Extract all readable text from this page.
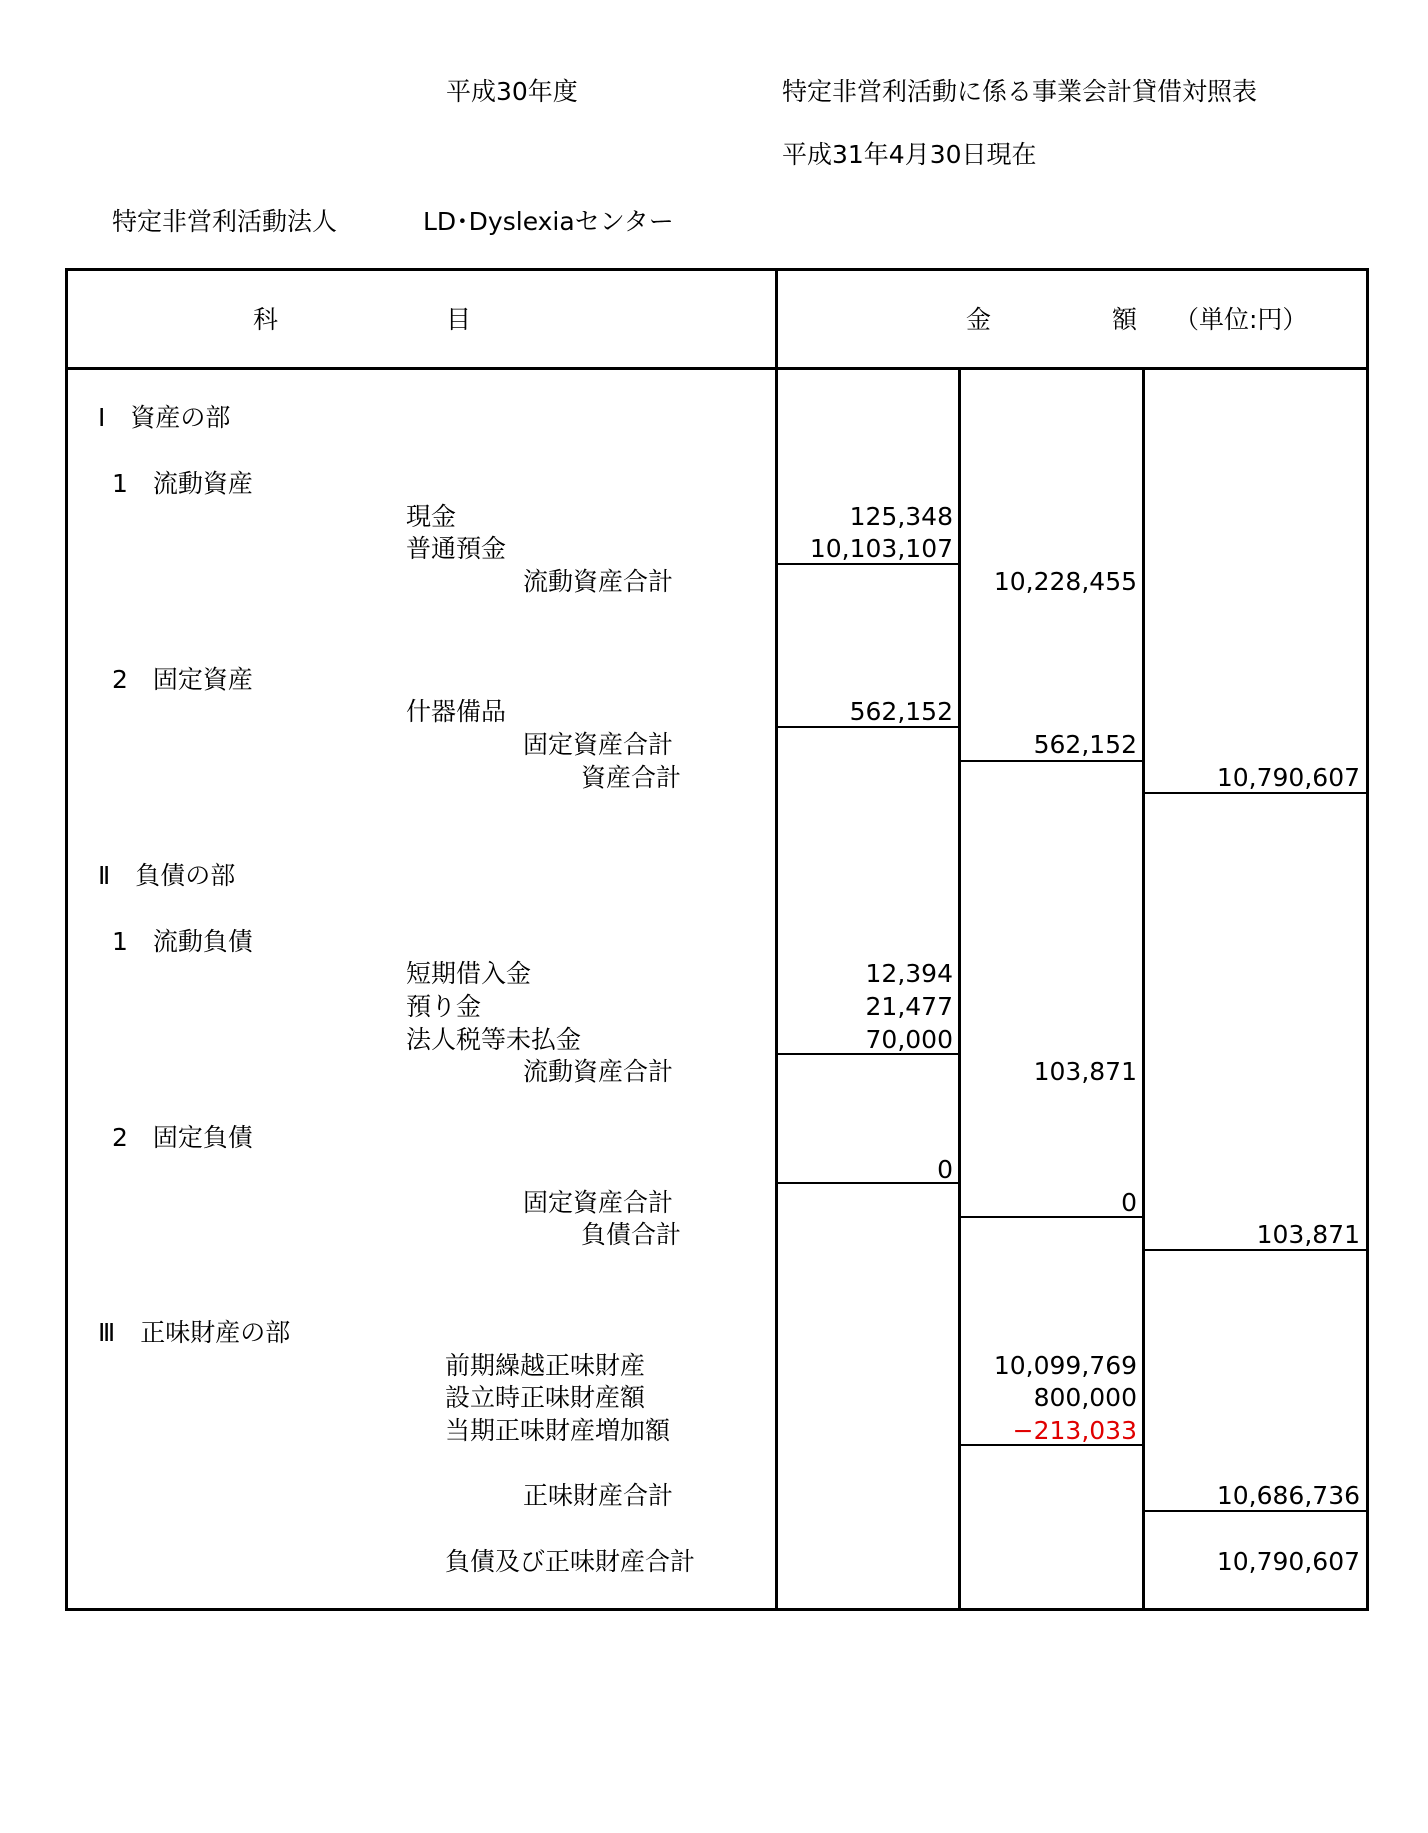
平成30年度	特定非営利活動に係る事業会計貸借対照表
平成31年4月30日現在
特定非営利活動法人	LD･Dyslexiaセンター
科	目	金	額 （単位:円）
Ⅰ　資産の部
1　流動資産
現金	125,348
普通預金	10,103,107
流動資産合計	10,228,455
2　固定資産
什器備品	562,152
固定資産合計	562,152
資産合計	10,790,607
Ⅱ　負債の部
1　流動負債
短期借入金	12,394
預り金	21,477
法人税等未払金	70,000
流動資産合計	103,871
2　固定負債
0
固定資産合計	0
負債合計	103,871
Ⅲ　正味財産の部
前期繰越正味財産	10,099,769
設立時正味財産額	800,000
当期正味財産増加額	−213,033
正味財産合計	10,686,736
負債及び正味財産合計	10,790,607
